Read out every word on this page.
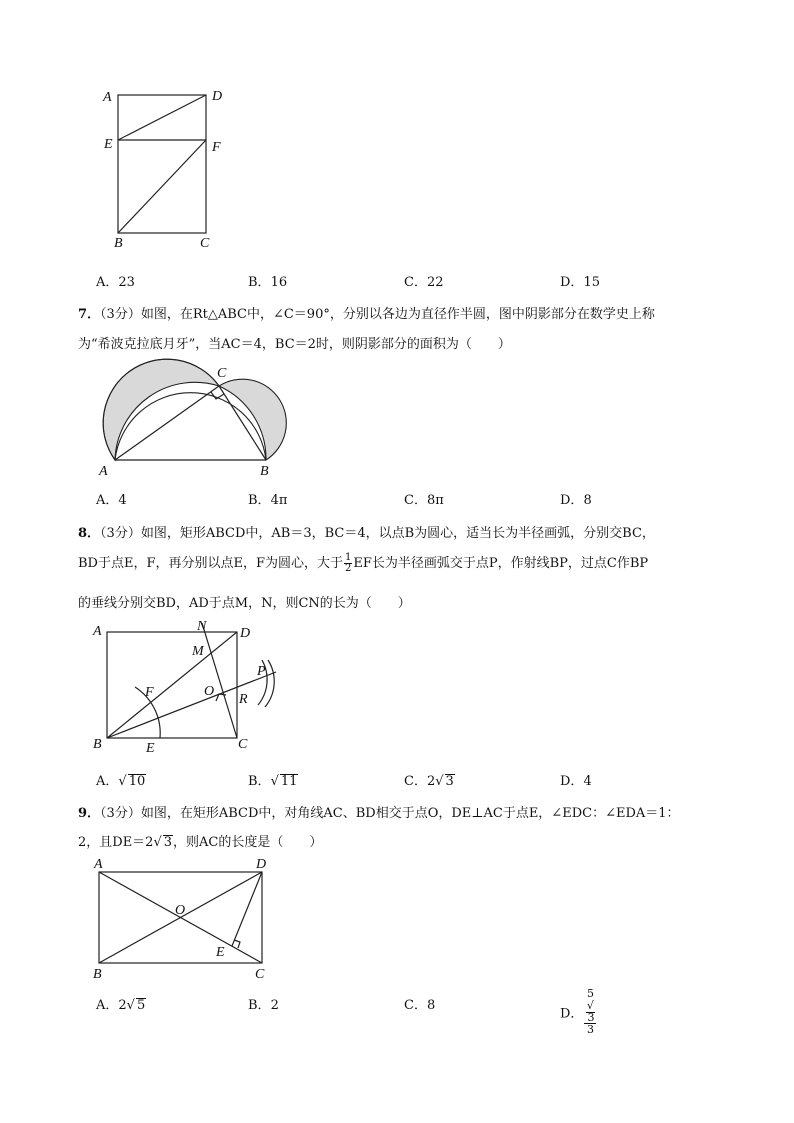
A	D
E	F
B	C
A．23	B．16	C．22	D．15
7．（3分）如图，在Rt△ABC中，∠C＝90°，分别以各边为直径作半圆，图中阴影部分在数学史上称
为“希波克拉底月牙”，当AC＝4，BC＝2时，则阴影部分的面积为（　　）
A	B
C
A．4	B．4π	C．8π	D．8
8．（3分）如图，矩形ABCD中，AB＝3，BC＝4，以点B为圆心，适当长为半径画弧，分别交BC，
BD于点E，F，再分别以点E，F为圆心，大于 $\frac{1}{2}$ EF长为半径画弧交于点P，作射线BP，过点C作BP
的垂线分别交BD，AD于点M，N，则CN的长为（　　）
A	D
N
M
P
O
R
F
B	E	C
A．√ 10	B．√ 11	C．2√ 3	D．4
9．（3分）如图，在矩形ABCD中，对角线AC、BD相交于点O，DE⊥AC于点E，∠EDC：∠EDA＝1：
2，且DE＝2√ 3，则AC的长度是（　　）
A	D
O
E
B	C
A．2√ 5	B．2	C．8
D． 5
√
3
3
